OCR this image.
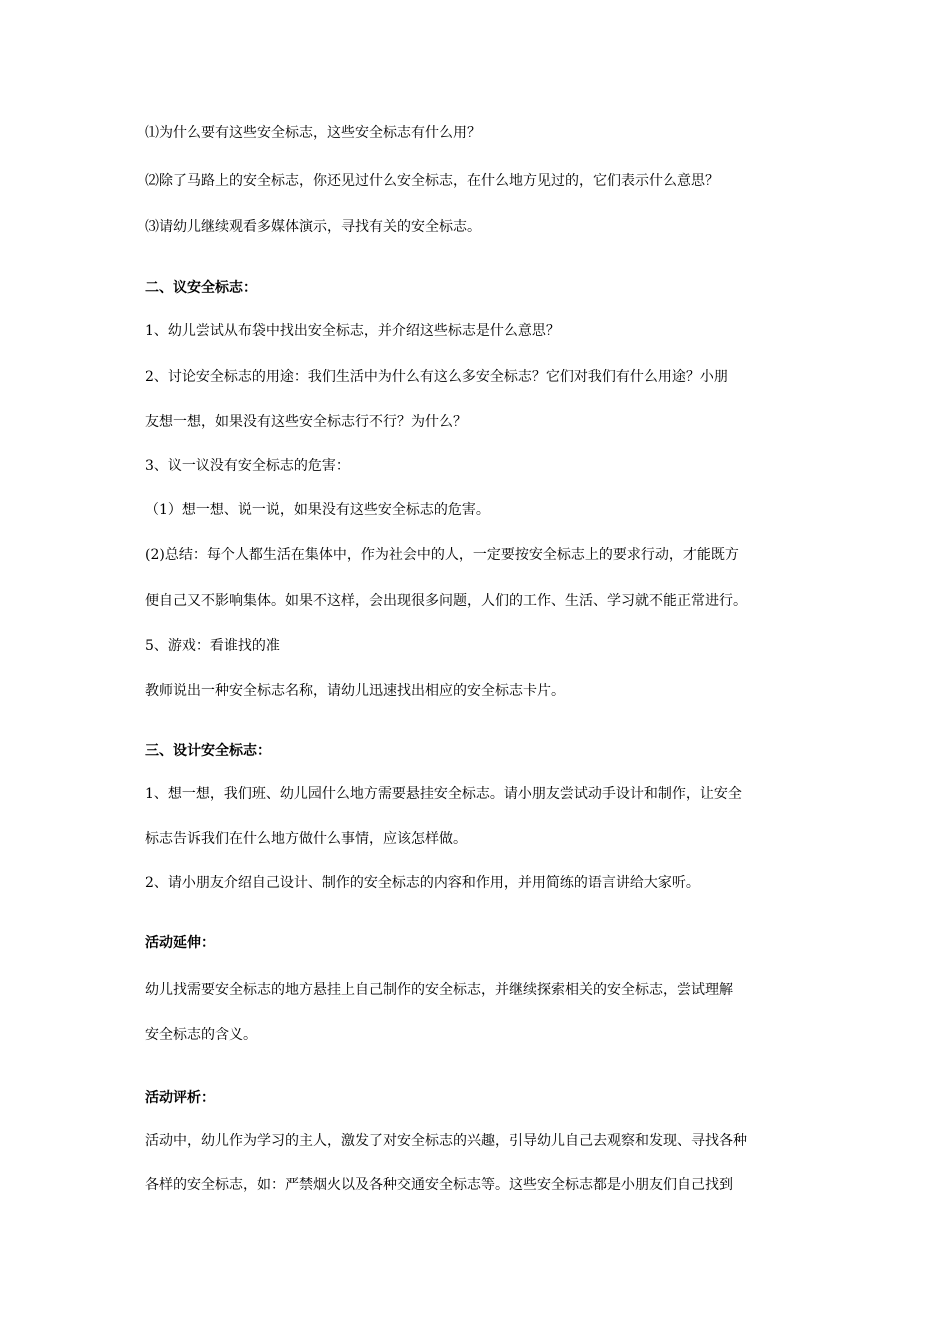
⑴为什么要有这些安全标志，这些安全标志有什么用？
⑵除了马路上的安全标志，你还见过什么安全标志，在什么地方见过的，它们表示什么意思？
⑶请幼儿继续观看多媒体演示，寻找有关的安全标志。
二、议安全标志：
1、幼儿尝试从布袋中找出安全标志，并介绍这些标志是什么意思？
2、讨论安全标志的用途：我们生活中为什么有这么多安全标志？它们对我们有什么用途？小朋
友想一想，如果没有这些安全标志行不行？为什么？
3、议一议没有安全标志的危害：
（1）想一想、说一说，如果没有这些安全标志的危害。
(2)总结：每个人都生活在集体中，作为社会中的人，一定要按安全标志上的要求行动，才能既方
便自己又不影响集体。如果不这样，会出现很多问题，人们的工作、生活、学习就不能正常进行。
5、游戏：看谁找的准
教师说出一种安全标志名称，请幼儿迅速找出相应的安全标志卡片。
三、设计安全标志：
1、想一想，我们班、幼儿园什么地方需要悬挂安全标志。请小朋友尝试动手设计和制作，让安全
标志告诉我们在什么地方做什么事情，应该怎样做。
2、请小朋友介绍自己设计、制作的安全标志的内容和作用，并用简练的语言讲给大家听。
活动延伸：
幼儿找需要安全标志的地方悬挂上自己制作的安全标志，并继续探索相关的安全标志，尝试理解
安全标志的含义。
活动评析：
活动中，幼儿作为学习的主人，激发了对安全标志的兴趣，引导幼儿自己去观察和发现、寻找各种
各样的安全标志，如：严禁烟火以及各种交通安全标志等。这些安全标志都是小朋友们自己找到
